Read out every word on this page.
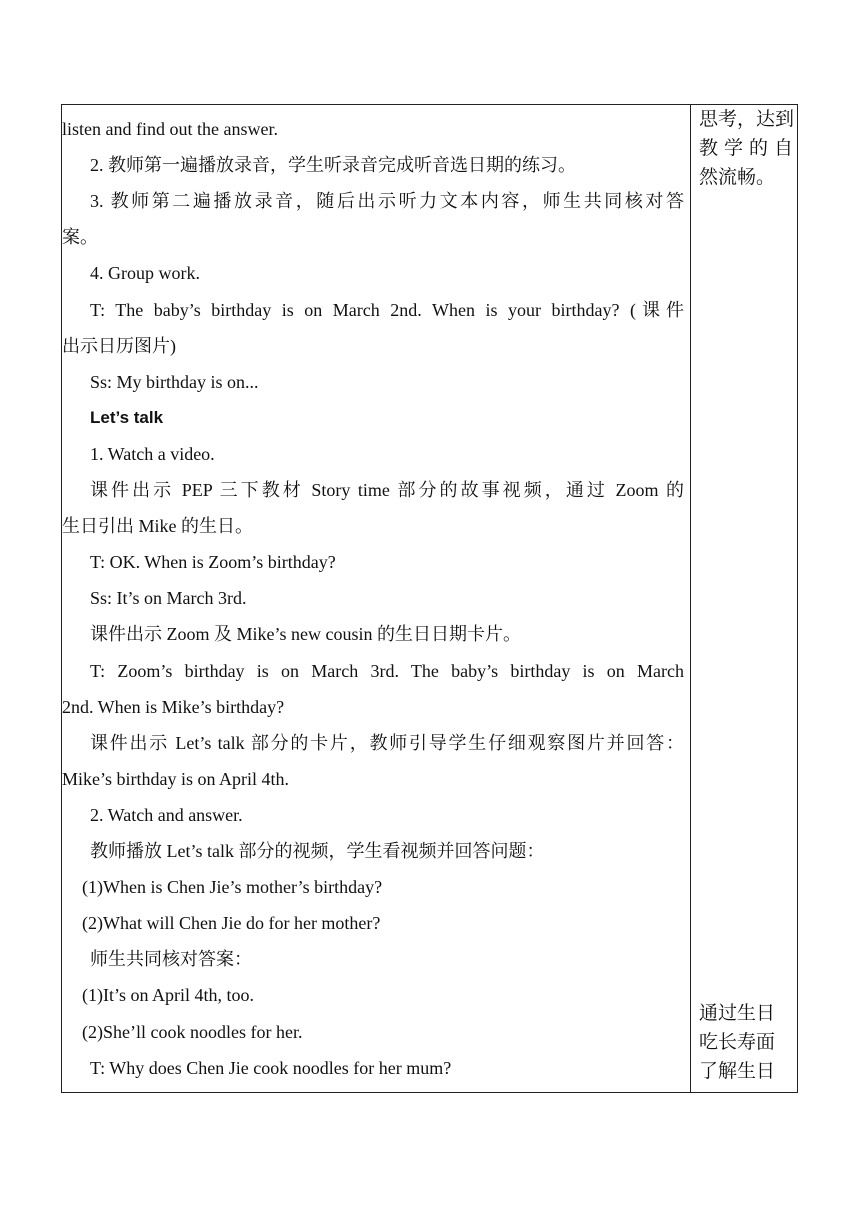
listen and find out the answer.
2. 教师第一遍播放录音，学生听录音完成听音选日期的练习。
3. 教师第二遍播放录音，随后出示听力文本内容，师生共同核对答
案。
4. Group work.
T: The baby’s birthday is on March 2nd. When is your birthday? (课件
出示日历图片)
Ss: My birthday is on...
Let’s talk
1. Watch a video.
课件出示 PEP 三下教材 Story time 部分的故事视频，通过 Zoom 的
生日引出 Mike 的生日。
T: OK. When is Zoom’s birthday?
Ss: It’s on March 3rd.
课件出示 Zoom 及 Mike’s new cousin 的生日日期卡片。
T: Zoom’s birthday is on March 3rd. The baby’s birthday is on March
2nd. When is Mike’s birthday?
课件出示 Let’s talk 部分的卡片，教师引导学生仔细观察图片并回答：
Mike’s birthday is on April 4th.
2. Watch and answer.
教师播放 Let’s talk 部分的视频，学生看视频并回答问题：
(1)When is Chen Jie’s mother’s birthday?
(2)What will Chen Jie do for her mother?
师生共同核对答案：
(1)It’s on April 4th, too.
(2)She’ll cook noodles for her.
T: Why does Chen Jie cook noodles for her mum?
思考，达到
教 学 的 自
然流畅。
通过生日
吃长寿面
了解生日
